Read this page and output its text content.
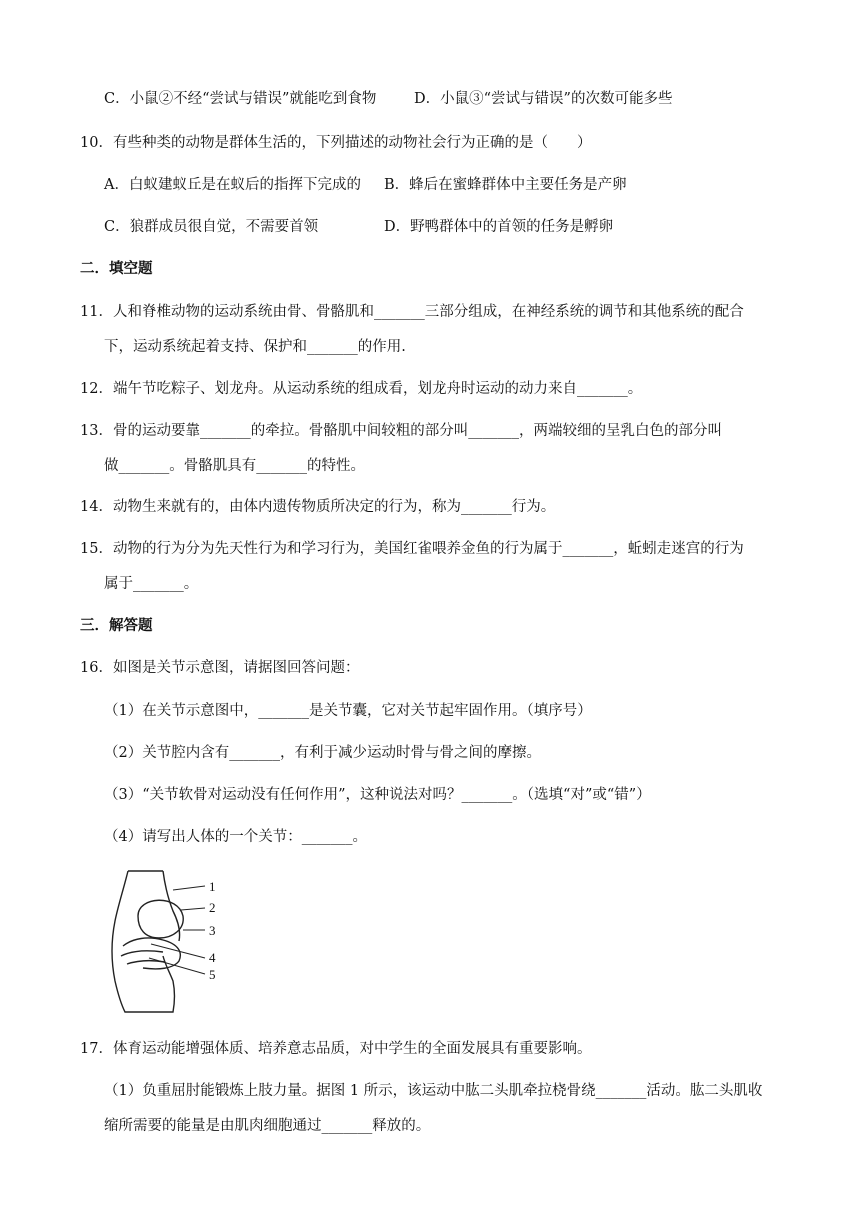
C．小鼠②不经“尝试与错误”就能吃到食物	D．小鼠③“尝试与错误”的次数可能多些
10．有些种类的动物是群体生活的，下列描述的动物社会行为正确的是（　　）
A．白蚁建蚁丘是在蚁后的指挥下完成的 B．蜂后在蜜蜂群体中主要任务是产卵
C．狼群成员很自觉，不需要首领	D．野鸭群体中的首领的任务是孵卵
二．填空题
11．人和脊椎动物的运动系统由骨、骨骼肌和_______三部分组成，在神经系统的调节和其他系统的配合
下，运动系统起着支持、保护和_______的作用.
12．端午节吃粽子、划龙舟。从运动系统的组成看，划龙舟时运动的动力来自_______。
13．骨的运动要靠_______的牵拉。骨骼肌中间较粗的部分叫_______，两端较细的呈乳白色的部分叫
做_______。骨骼肌具有_______的特性。
14．动物生来就有的，由体内遗传物质所决定的行为，称为_______行为。
15．动物的行为分为先天性行为和学习行为，美国红雀喂养金鱼的行为属于_______，蚯蚓走迷宫的行为
属于_______。
三．解答题
16．如图是关节示意图，请据图回答问题：
（1）在关节示意图中，_______是关节囊，它对关节起牢固作用。（填序号）
（2）关节腔内含有_______，有利于减少运动时骨与骨之间的摩擦。
（3）“关节软骨对运动没有任何作用”，这种说法对吗？_______。（选填“对”或“错”）
（4）请写出人体的一个关节：_______。
1
2
3
4
5
17．体育运动能增强体质、培养意志品质，对中学生的全面发展具有重要影响。
（1）负重屈肘能锻炼上肢力量。据图 1 所示，该运动中肱二头肌牵拉桡骨绕_______活动。肱二头肌收
缩所需要的能量是由肌肉细胞通过_______释放的。
